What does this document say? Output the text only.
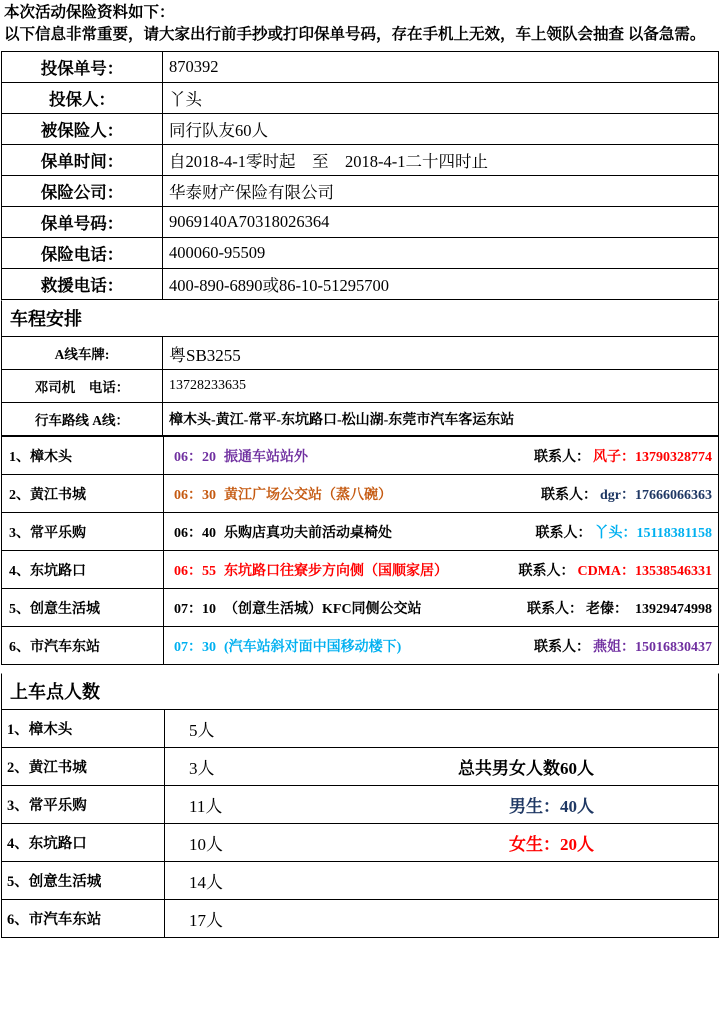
本次活动保险资料如下：
以下信息非常重要，请大家出行前手抄或打印保单号码，存在手机上无效，车上领队会抽查 以备急需。
投保单号：	870392
投保人：	丫头
被保险人：	同行队友60人
保单时间：	自2018-4-1零时起　至　2018-4-1二十四时止
保险公司：	华泰财产保险有限公司
保单号码：	9069140A70318026364
保险电话：	400060-95509
救援电话：	400-890-6890或86-10-51295700
车程安排
A线车牌:	粤SB3255
邓司机　电话：	13728233635
行车路线 A线：	樟木头-黄江-常平-东坑路口-松山湖-东莞市汽车客运东站
1、樟木头	06：20 振通车站站外 联系人： 风子：13790328774

2、黄江书城	06：30 黄江广场公交站（蒸八碗） 联系人： dgr：17666066363

3、常平乐购	06：40 乐购店真功夫前活动桌椅处 联系人： 丫头：15118381158

4、东坑路口	06：55 东坑路口往寮步方向侧（国顺家居） 联系人： CDMA：13538546331

5、创意生活城	07：10 （创意生活城）KFC同侧公交站 联系人： 老傣：　13929474998

6、市汽车东站	07：30 (汽车站斜对面中国移动楼下) 联系人： 燕姐：15016830437
上车点人数
1、樟木头	5人

2、黄江书城	3人 总共男女人数60人

3、常平乐购	11人 男生：40人

4、东坑路口	10人 女生：20人

5、创意生活城	14人

6、市汽车东站	17人
